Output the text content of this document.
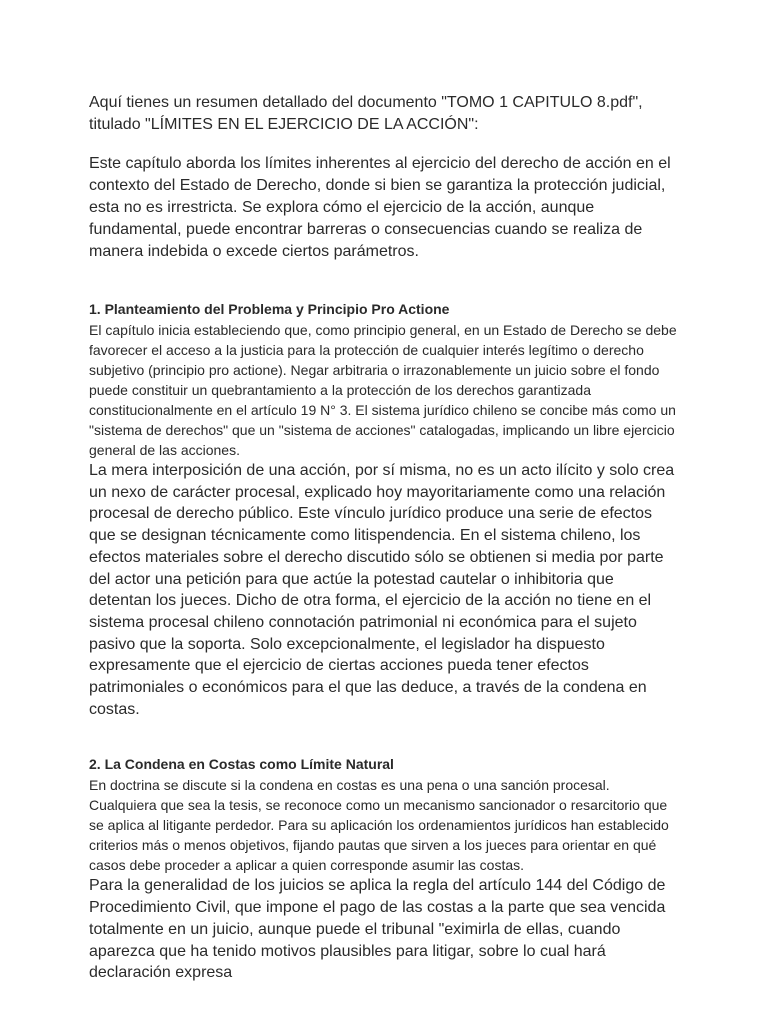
Aquí tienes un resumen detallado del documento "TOMO 1 CAPITULO 8.pdf", titulado "LÍMITES EN EL EJERCICIO DE LA ACCIÓN":

Este capítulo aborda los límites inherentes al ejercicio del derecho de acción en el contexto del Estado de Derecho, donde si bien se garantiza la protección judicial, esta no es irrestricta. Se explora cómo el ejercicio de la acción, aunque fundamental, puede encontrar barreras o consecuencias cuando se realiza de manera indebida o excede ciertos parámetros.

1. Planteamiento del Problema y Principio Pro Actione

El capítulo inicia estableciendo que, como principio general, en un Estado de Derecho se debe favorecer el acceso a la justicia para la protección de cualquier interés legítimo o derecho subjetivo (principio pro actione). Negar arbitraria o irrazonablemente un juicio sobre el fondo puede constituir un quebrantamiento a la protección de los derechos garantizada constitucionalmente en el artículo 19 N° 3. El sistema jurídico chileno se concibe más como un "sistema de derechos" que un "sistema de acciones" catalogadas, implicando un libre ejercicio general de las acciones.

La mera interposición de una acción, por sí misma, no es un acto ilícito y solo crea un nexo de carácter procesal, explicado hoy mayoritariamente como una relación procesal de derecho público. Este vínculo jurídico produce una serie de efectos que se designan técnicamente como litispendencia. En el sistema chileno, los efectos materiales sobre el derecho discutido sólo se obtienen si media por parte del actor una petición para que actúe la potestad cautelar o inhibitoria que detentan los jueces. Dicho de otra forma, el ejercicio de la acción no tiene en el sistema procesal chileno connotación patrimonial ni económica para el sujeto pasivo que la soporta. Solo excepcionalmente, el legislador ha dispuesto expresamente que el ejercicio de ciertas acciones pueda tener efectos patrimoniales o económicos para el que las deduce, a través de la condena en costas.

2. La Condena en Costas como Límite Natural

En doctrina se discute si la condena en costas es una pena o una sanción procesal. Cualquiera que sea la tesis, se reconoce como un mecanismo sancionador o resarcitorio que se aplica al litigante perdedor. Para su aplicación los ordenamientos jurídicos han establecido criterios más o menos objetivos, fijando pautas que sirven a los jueces para orientar en qué casos debe proceder a aplicar a quien corresponde asumir las costas.

Para la generalidad de los juicios se aplica la regla del artículo 144 del Código de Procedimiento Civil, que impone el pago de las costas a la parte que sea vencida totalmente en un juicio, aunque puede el tribunal "eximirla de ellas, cuando aparezca que ha tenido motivos plausibles para litigar, sobre lo cual hará declaración expresa
